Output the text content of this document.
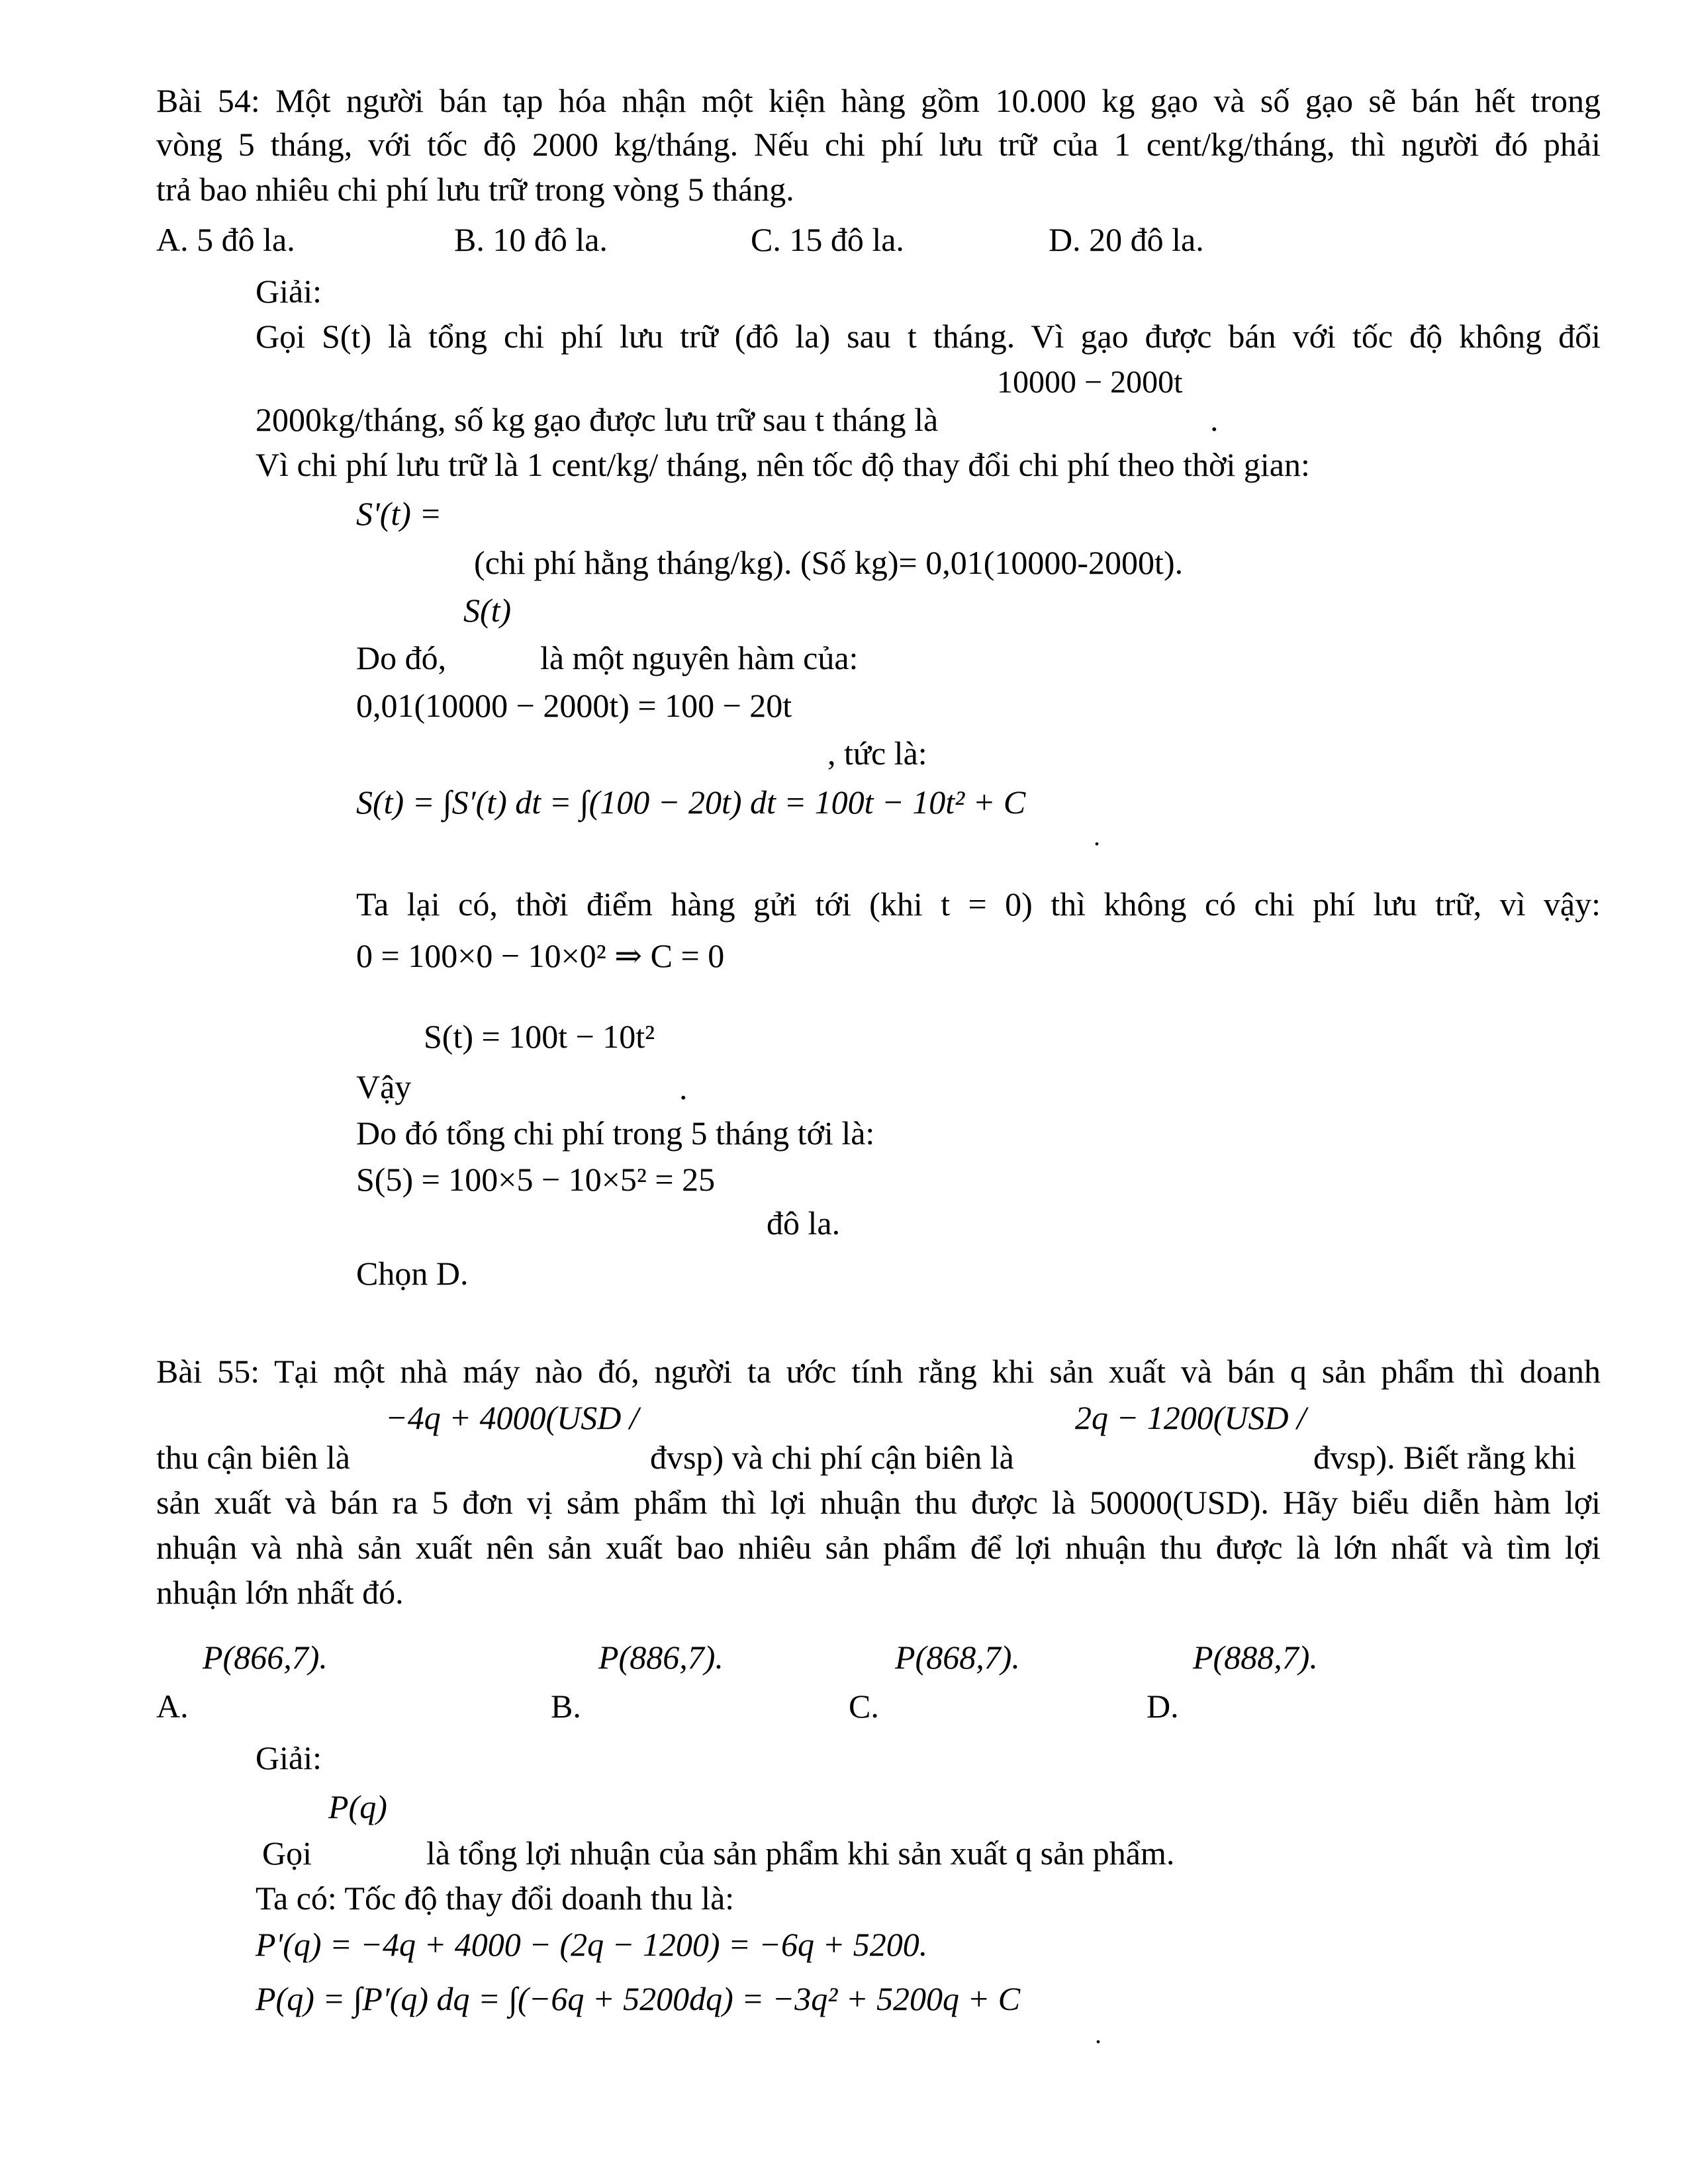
Bài 54: Một người bán tạp hóa nhận một kiện hàng gồm 10.000 kg gạo và số gạo sẽ bán hết trong
vòng 5 tháng, với tốc độ 2000 kg/tháng. Nếu chi phí lưu trữ của 1 cent/kg/tháng, thì người đó phải
trả bao nhiêu chi phí lưu trữ trong vòng 5 tháng.
A. 5 đô la.	B. 10 đô la.	C. 15 đô la.	D. 20 đô la.
Giải:
Gọi S(t) là tổng chi phí lưu trữ (đô la) sau t tháng. Vì gạo được bán với tốc độ không đổi
10000 − 2000t
2000kg/tháng, số kg gạo được lưu trữ sau t tháng là	.
Vì chi phí lưu trữ là 1 cent/kg/ tháng, nên tốc độ thay đổi chi phí theo thời gian:
S'(t) =
(chi phí hằng tháng/kg). (Số kg)= 0,01(10000-2000t).
S(t)
Do đó,	là một nguyên hàm của:
0,01(10000 − 2000t) = 100 − 20t
, tức là:
S(t) = ∫S′(t) dt = ∫(100 − 20t) dt = 100t − 10t² + C
.
Ta lại có, thời điểm hàng gửi tới (khi t = 0) thì không có chi phí lưu trữ, vì vậy:
0 = 100×0 − 10×0² ⇒ C = 0
S(t) = 100t − 10t²
Vậy	.
Do đó tổng chi phí trong 5 tháng tới là:
S(5) = 100×5 − 10×5² = 25
đô la.
Chọn D.
Bài 55: Tại một nhà máy nào đó, người ta ước tính rằng khi sản xuất và bán q sản phẩm thì doanh
−4q + 4000(USD /	2q − 1200(USD /
thu cận biên là	đvsp) và chi phí cận biên là	đvsp). Biết rằng khi
sản xuất và bán ra 5 đơn vị sảm phẩm thì lợi nhuận thu được là 50000(USD). Hãy biểu diễn hàm lợi
nhuận và nhà sản xuất nên sản xuất bao nhiêu sản phẩm để lợi nhuận thu được là lớn nhất và tìm lợi
nhuận lớn nhất đó.
P(866,7).	P(886,7).	P(868,7).	P(888,7).
A.	B.	C.	D.
Giải:
P(q)
Gọi	là tổng lợi nhuận của sản phẩm khi sản xuất q sản phẩm.
Ta có: Tốc độ thay đổi doanh thu là:
P'(q) = −4q + 4000 − (2q − 1200) = −6q + 5200.
P(q) = ∫P′(q) dq = ∫(−6q + 5200dq) = −3q² + 5200q + C
.
